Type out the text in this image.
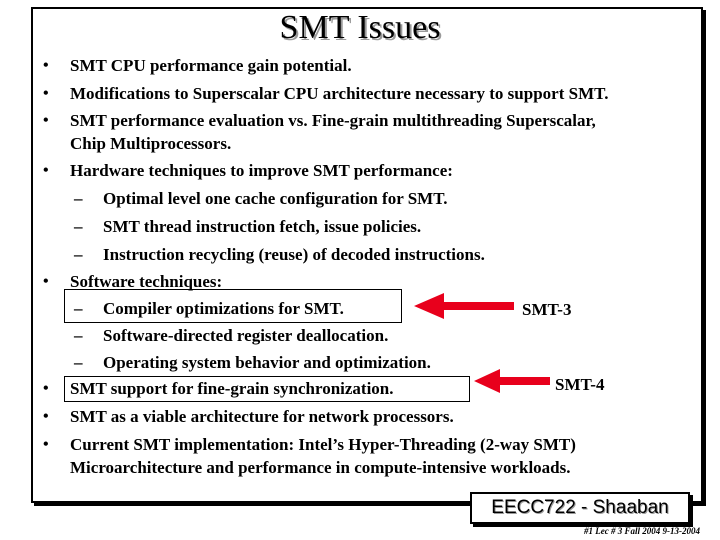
SMT Issues
• SMT CPU performance gain potential.
• Modifications to Superscalar CPU architecture necessary to support SMT.
• SMT performance evaluation vs. Fine-grain multithreading Superscalar,
Chip Multiprocessors.
• Hardware techniques to improve SMT performance:
– Optimal level one cache configuration for SMT.
– SMT thread instruction fetch, issue policies.
– Instruction recycling (reuse) of decoded instructions.
• Software techniques:
– Compiler optimizations for SMT.
– Software-directed register deallocation.
– Operating system behavior and optimization.
• SMT support for fine-grain synchronization.
• SMT as a viable architecture for network processors.
• Current SMT implementation: Intel’s Hyper-Threading (2-way SMT)
Microarchitecture and performance in compute-intensive workloads.
SMT-3
SMT-4
EECC722 - Shaaban
#1 Lec # 3 Fall 2004 9-13-2004
